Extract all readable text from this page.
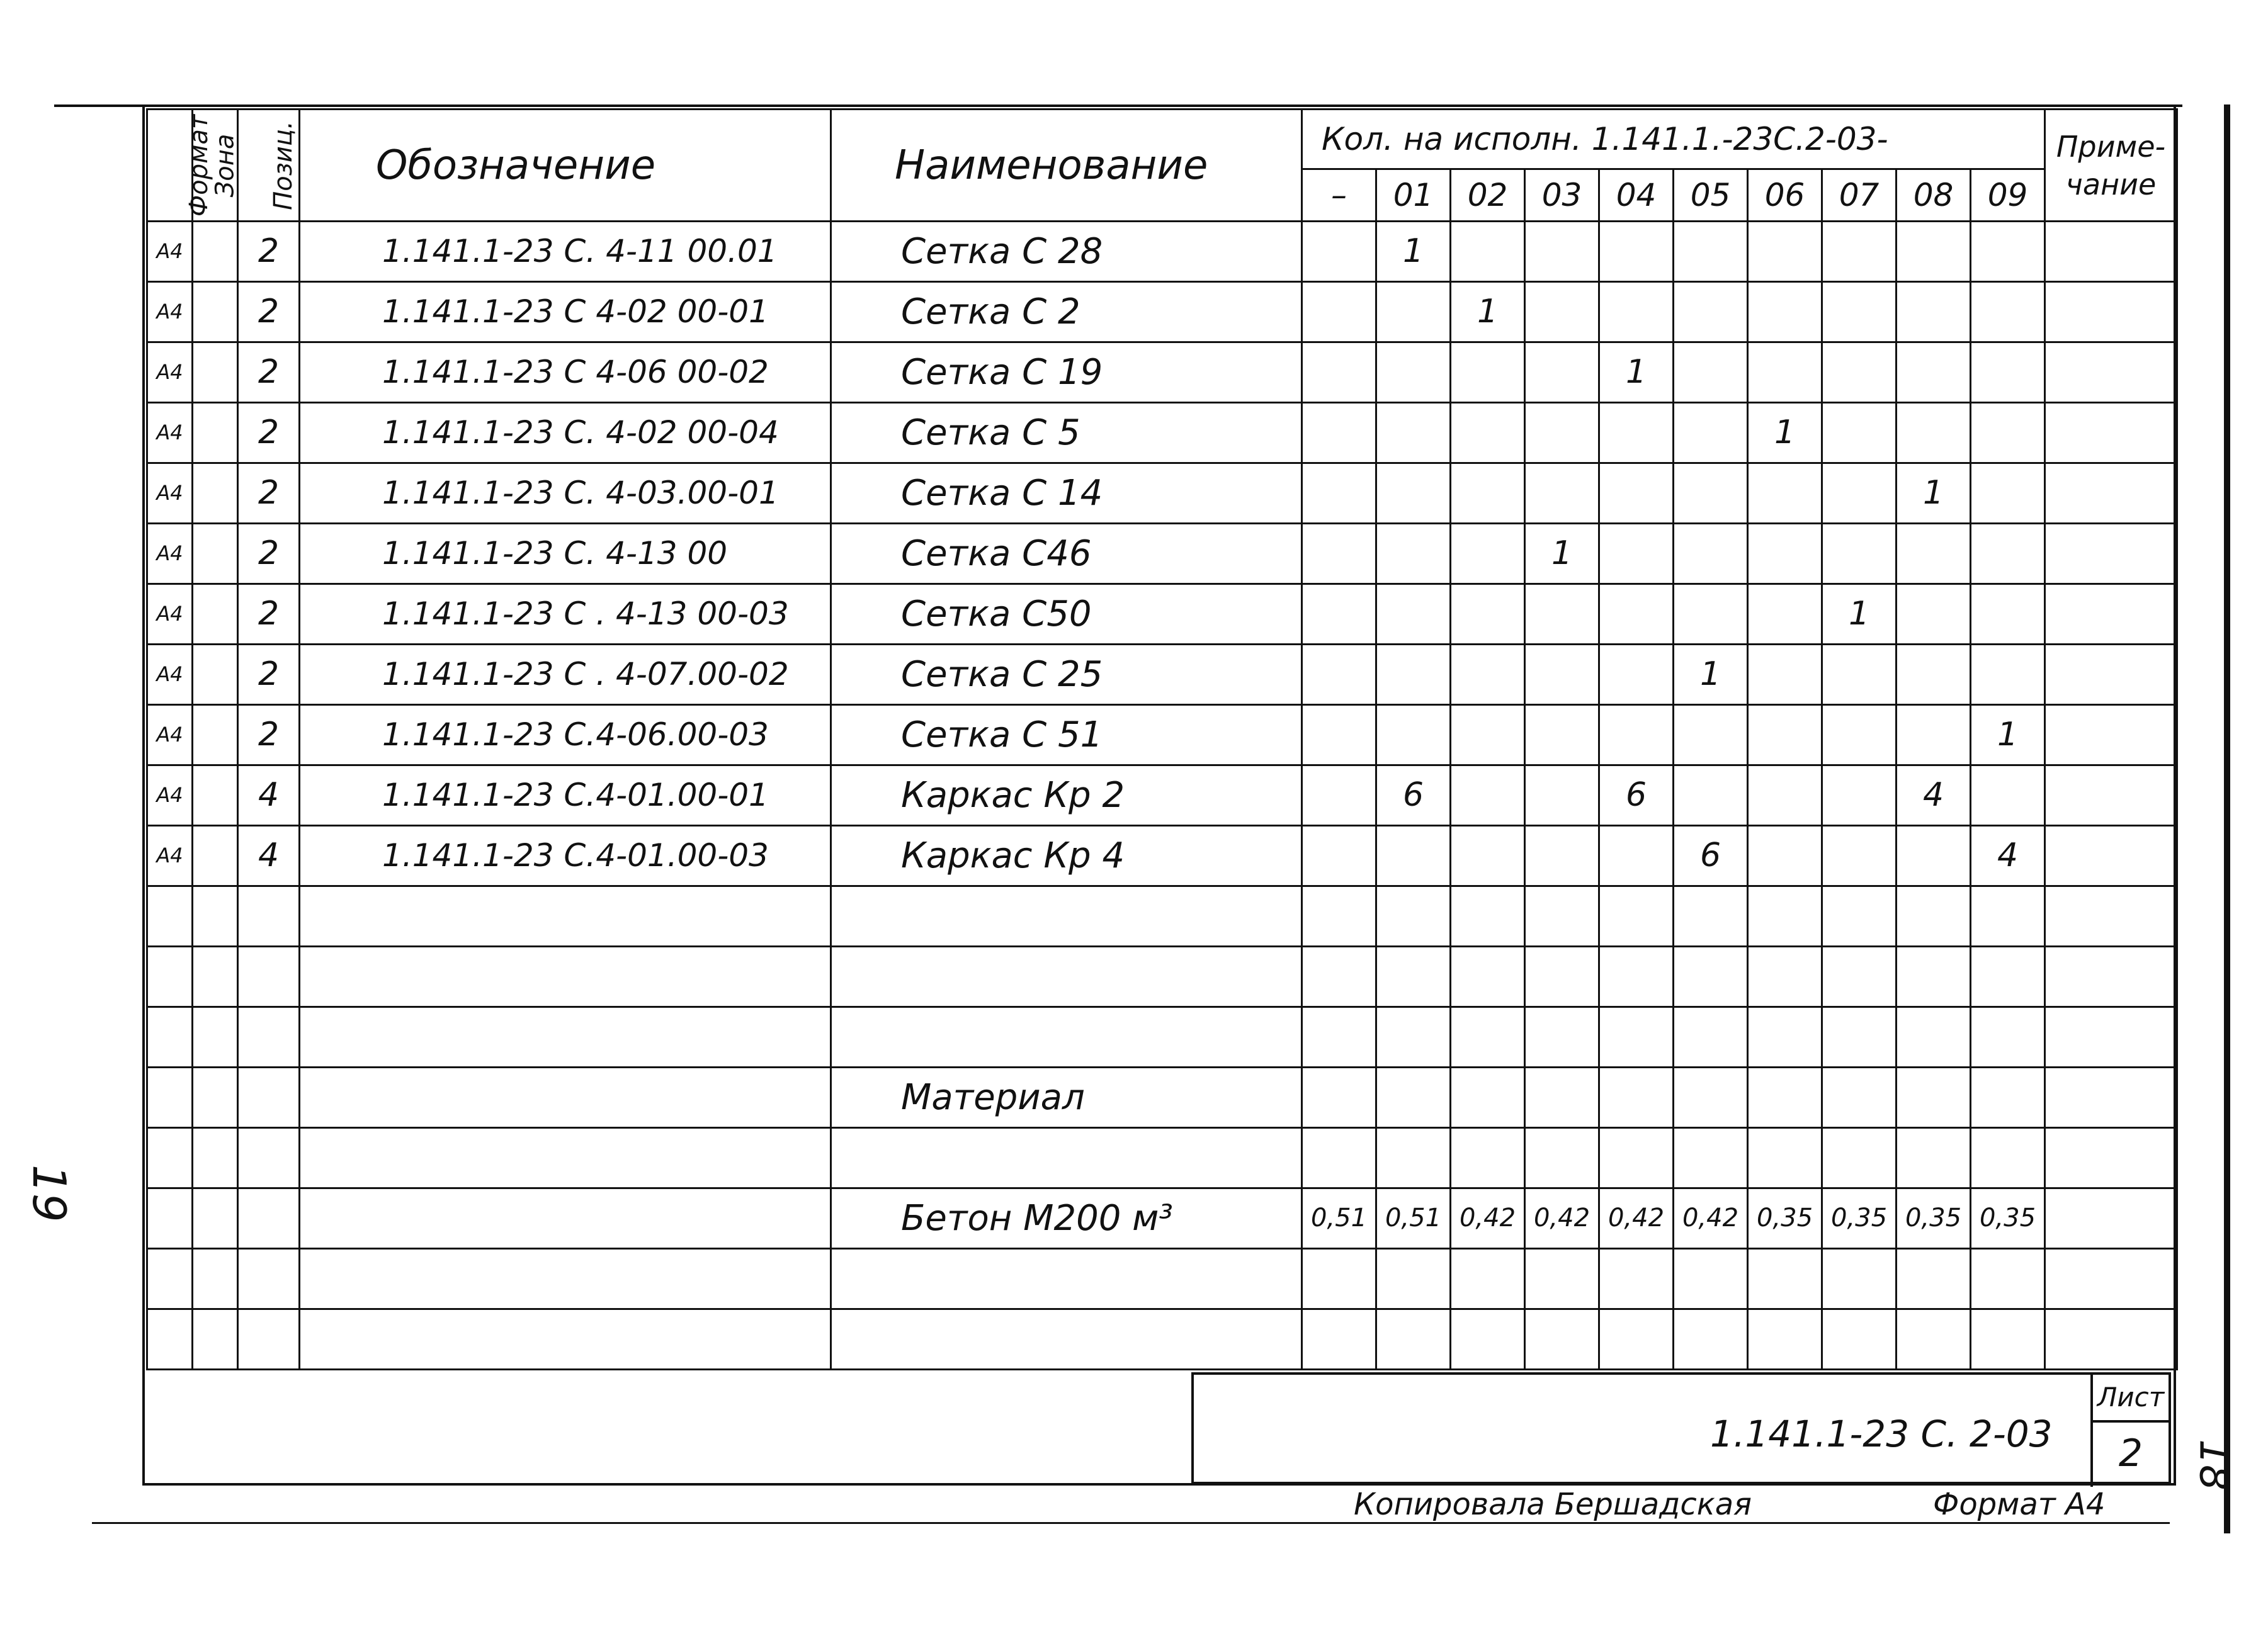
Формат	Зона	Позиц.	Обозначение	Наименование	Кол. на исполн. 1.141.1.-23С.2-03-										Приме-чание
					–	01	02	03	04	05	06	07	08	09	
А4		2	1.141.1-23 С. 4-11 00.01	Сетка С 28		1									
А4		2	1.141.1-23 С 4-02 00-01	Сетка С 2			1								
А4		2	1.141.1-23 С 4-06 00-02	Сетка С 19					1						
А4		2	1.141.1-23 С. 4-02 00-04	Сетка С 5							1				
А4		2	1.141.1-23 С. 4-03.00-01	Сетка С 14									1		
А4		2	1.141.1-23 С. 4-13 00	Сетка С46				1							
А4		2	1.141.1-23 С . 4-13 00-03	Сетка С50								1			
А4		2	1.141.1-23 С . 4-07.00-02	Сетка С 25						1					
А4		2	1.141.1-23 С.4-06.00-03	Сетка С 51										1	
А4		4	1.141.1-23 С.4-01.00-01	Каркас Кр 2		6			6				4		
А4		4	1.141.1-23 С.4-01.00-03	Каркас Кр 4						6				4	

				Материал											

				Бетон М200 м³	0,51	0,51	0,42	0,42	0,42	0,42	0,35	0,35	0,35	0,35	

1.141.1-23 С. 2-03
Лист
2
Копировала Бершадская	Формат А4
18
19
